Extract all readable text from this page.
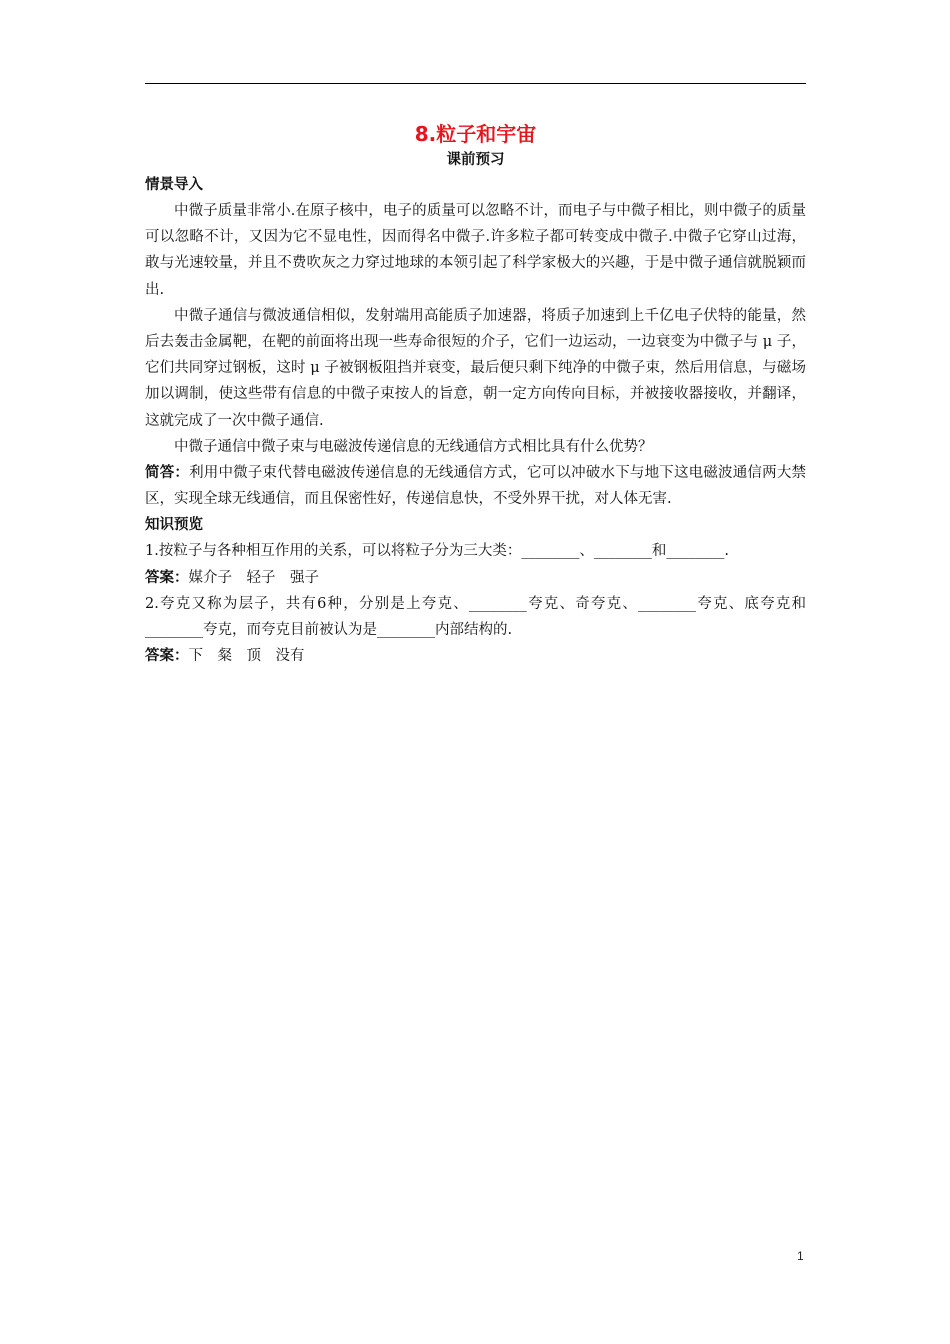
8.粒子和宇宙
课前预习
情景导入

中微子质量非常小.在原子核中，电子的质量可以忽略不计，而电子与中微子相比，则中微子的质量可以忽略不计，又因为它不显电性，因而得名中微子.许多粒子都可转变成中微子.中微子它穿山过海，敢与光速较量，并且不费吹灰之力穿过地球的本领引起了科学家极大的兴趣，于是中微子通信就脱颖而出.

中微子通信与微波通信相似，发射端用高能质子加速器，将质子加速到上千亿电子伏特的能量，然后去轰击金属靶，在靶的前面将出现一些寿命很短的介子，它们一边运动，一边衰变为中微子与 μ 子，它们共同穿过钢板，这时 μ 子被钢板阻挡并衰变，最后便只剩下纯净的中微子束，然后用信息，与磁场加以调制，使这些带有信息的中微子束按人的旨意，朝一定方向传向目标，并被接收器接收，并翻译，这就完成了一次中微子通信.

中微子通信中微子束与电磁波传递信息的无线通信方式相比具有什么优势？

简答：利用中微子束代替电磁波传递信息的无线通信方式，它可以冲破水下与地下这电磁波通信两大禁区，实现全球无线通信，而且保密性好，传递信息快，不受外界干扰，对人体无害.

知识预览

1.按粒子与各种相互作用的关系，可以将粒子分为三大类：________、________和________.

答案：媒介子　轻子　强子

2.夸克又称为层子，共有6种，分别是上夸克、________夸克、奇夸克、________夸克、底夸克和________夸克，而夸克目前被认为是________内部结构的.

答案：下　粲　顶　没有

1
